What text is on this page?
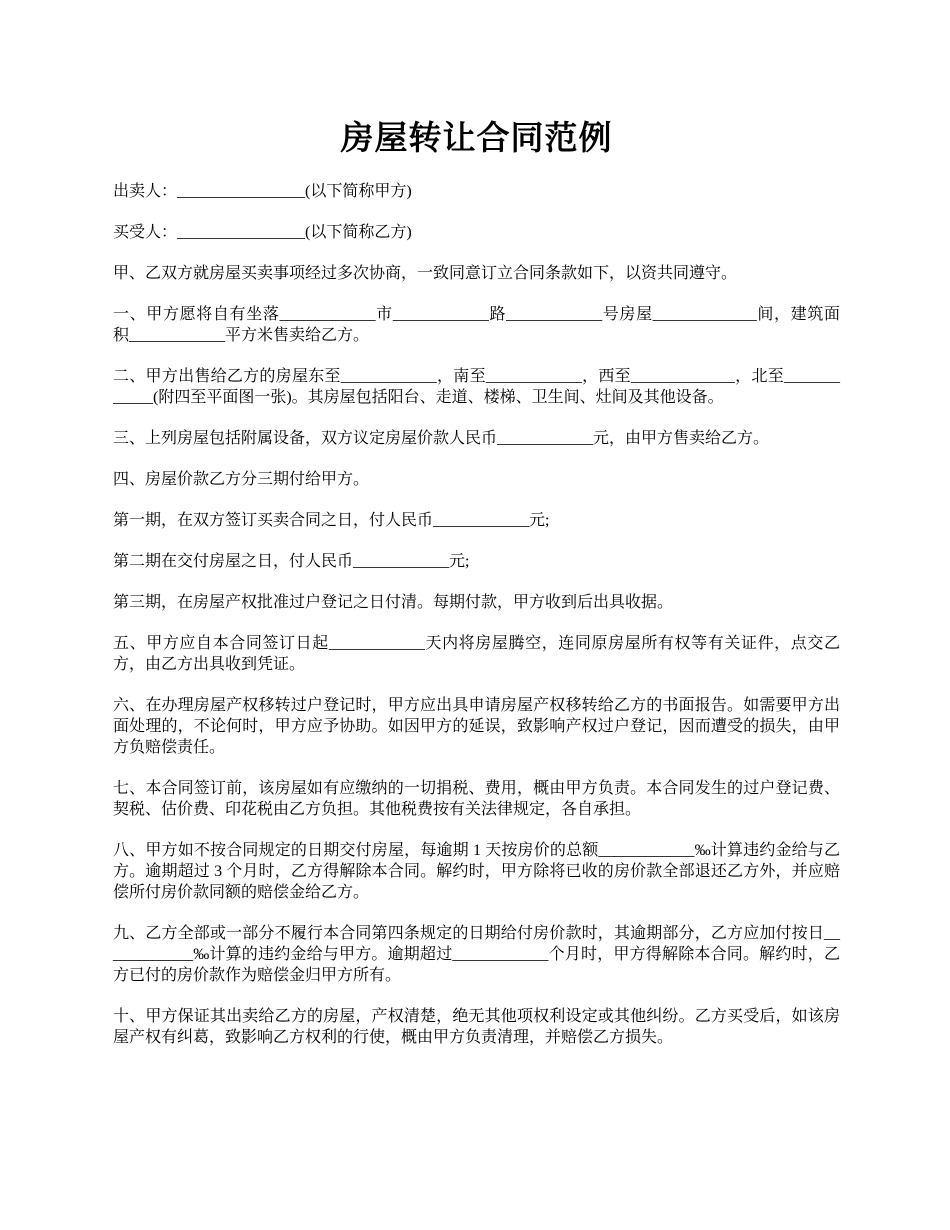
房屋转让合同范例

出卖人：________________(以下简称甲方)

买受人：________________(以下简称乙方)

甲、乙双方就房屋买卖事项经过多次协商，一致同意订立合同条款如下，以资共同遵守。

一、甲方愿将自有坐落____________市____________路____________号房屋_____________间，建筑面积____________平方米售卖给乙方。

二、甲方出售给乙方的房屋东至____________，南至____________，西至_____________，北至____________(附四至平面图一张)。其房屋包括阳台、走道、楼梯、卫生间、灶间及其他设备。

三、上列房屋包括附属设备，双方议定房屋价款人民币____________元，由甲方售卖给乙方。

四、房屋价款乙方分三期付给甲方。

第一期，在双方签订买卖合同之日，付人民币____________元;

第二期在交付房屋之日，付人民币____________元;

第三期，在房屋产权批准过户登记之日付清。每期付款，甲方收到后出具收据。

五、甲方应自本合同签订日起____________天内将房屋腾空，连同原房屋所有权等有关证件，点交乙方，由乙方出具收到凭证。

六、在办理房屋产权移转过户登记时，甲方应出具申请房屋产权移转给乙方的书面报告。如需要甲方出面处理的，不论何时，甲方应予协助。如因甲方的延误，致影响产权过户登记，因而遭受的损失，由甲方负赔偿责任。

七、本合同签订前，该房屋如有应缴纳的一切捐税、费用，概由甲方负责。本合同发生的过户登记费、契税、估价费、印花税由乙方负担。其他税费按有关法律规定，各自承担。

八、甲方如不按合同规定的日期交付房屋，每逾期 1 天按房价的总额____________‰计算违约金给与乙方。逾期超过 3 个月时，乙方得解除本合同。解约时，甲方除将已收的房价款全部退还乙方外，并应赔偿所付房价款同额的赔偿金给乙方。

九、乙方全部或一部分不履行本合同第四条规定的日期给付房价款时，其逾期部分，乙方应加付按日____________‰计算的违约金给与甲方。逾期超过____________个月时，甲方得解除本合同。解约时，乙方已付的房价款作为赔偿金归甲方所有。

十、甲方保证其出卖给乙方的房屋，产权清楚，绝无其他项权利设定或其他纠纷。乙方买受后，如该房屋产权有纠葛，致影响乙方权利的行使，概由甲方负责清理，并赔偿乙方损失。
